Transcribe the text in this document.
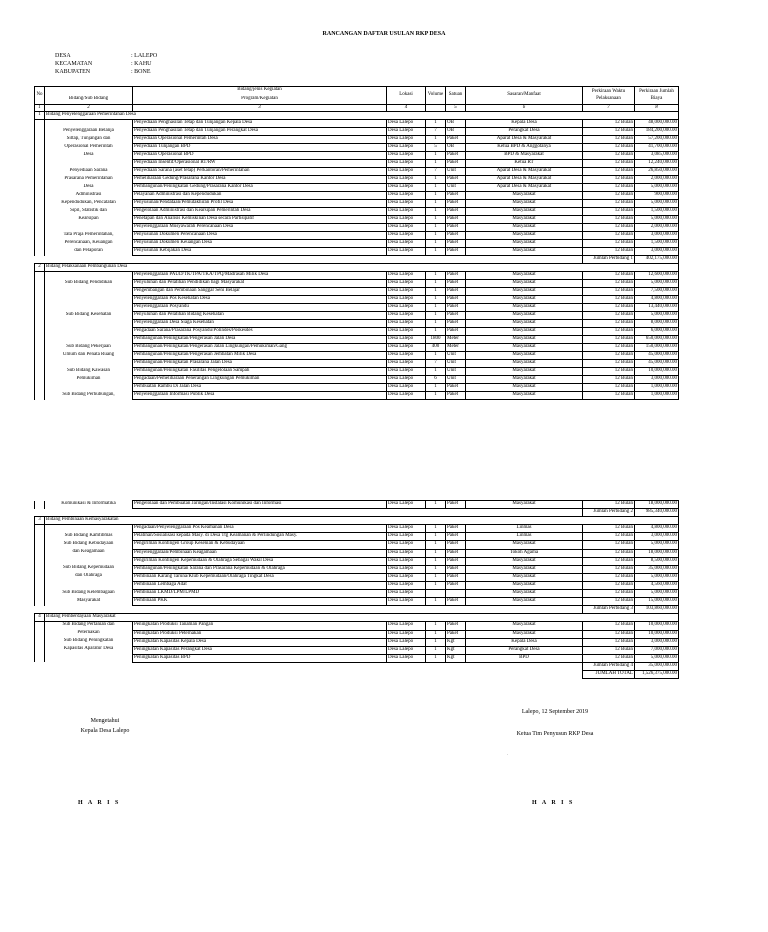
RANCANGAN DAFTAR USULAN RKP DESA
DESA	: LALEPO
KECAMATAN	: KAHU
KABUPATEN	: BONE
No		Bidang/jenis Kegiatan	Lokasi	Volume	Satuan	Sasaran/Manfaat	Perkiraan Waktu Pelaksanaan	Perkiraan Jumlah Biaya
	Bidang/Sub Bidang	Program/Kegiatan						
1	2	3	4		5	6	7	8
1	Bidang Penyelenggaraan Pemerintahan Desa							
		Penyediaan Penghasilan Tetap dan Tunjangan Kepala Desa	Desa Lalepo	1	OB	Kepala Desa	12 Bulan	48,000,000.00
	Penyelenggaraan Belanja	Penyediaan Penghasilan Tetap dan Tunjangan Perangkat Desa	Desa Lalepo	7	OB	Perangkat Desa	12 Bulan	184,200,000.00
	Siltap, Tunjangan dan	Penyediaan Operasional Pemerintah Desa	Desa Lalepo	1	Paket	Aparat Desa & Masyarakat	12 Bulan	57,200,000.00
	Operasional Pemerintah	Penyediaan Tunjangan BPD	Desa Lalepo	5	OB	Ketua BPD & Anggotanya	12 Bulan	41,700,000.00
	Desa	Penyediaan Operasional BPD	Desa Lalepo	1	Paket	BPD & Masyarakat	12 Bulan	3,085,000.00
		Penyediaan Insentif/Operasional RT/RW	Desa Lalepo	1	Paket	Ketua RT	12 Bulan	12,240,000.00
	Penyediaan Sarana	Penyediaan Sarana (aset tetap) Perkantoran/Pemerintahan	Desa Lalepo	7	Unit	Aparat Desa & Masyarakat	12 Bulan	26,850,000.00
	Prasarana Pemerintahan	Pemeliharaan Gedung/Prasarana Kantor Desa	Desa Lalepo	1	Paket	Aparat Desa & Masyarakat	12 Bulan	2,000,000.00
	Desa	Pembangunan/Peningkatan Gedung/Prasarana Kantor Desa	Desa Lalepo	1	Unit	Aparat Desa & Masyarakat	12 Bulan	5,000,000.00
	Administrasi	Pelayanan Administrasi dan Kependudukan	Desa Lalepo	1	Paket	Masyarakat	12 Bulan	900,000.00
	Kependudukan, Pencatatan	Penyusunan/Pendataan/Pemutakhiran Profil Desa	Desa Lalepo	1	Paket	Masyarakat	12 Bulan	5,000,000.00
	Sipil, Statistik dan	Pengelolaan Administrasi dan Kearsipan Pemerintah Desa	Desa Lalepo	1	Paket	Masyarakat	12 Bulan	1,500,000.00
	Kearsipan	Penetapan dan Analisis Kemiskinan Desa secara Partisipatif	Desa Lalepo	1	Paket	Masyarakat	12 Bulan	5,000,000.00
		Penyelenggaraan Musyawarah Perencanaan Desa	Desa Lalepo	1	Paket	Masyarakat	12 Bulan	2,000,000.00
	Tata Praja Pemerintahan,	Penyusunan Dokumen Perencanaan Desa	Desa Lalepo	1	Paket	Masyarakat	12 Bulan	3,000,000.00
	Perencanaan, Keuangan	Penyusunan Dokumen Keuangan Desa	Desa Lalepo	1	Paket	Masyarakat	12 Bulan	1,500,000.00
	dan Pelaporan	Penyusunan Kebijakan Desa	Desa Lalepo	1	Paket	Masyarakat	12 Bulan	3,000,000.00
							Jumlah Perbidang 1	402,175,000.00
2	Bidang Pelaksanaan Pembangunan Desa							
		Penyelenggaraan PAUD/TK/TPA/TKA/TPQ/Madrasah Milik Desa	Desa Lalepo	1	Paket	Masyarakat	12 Bulan	12,600,000.00
	Sub Bidang Pendidikan	Penyuluhan dan Pelatihan Pendidikan bagi Masyarakat	Desa Lalepo	1	Paket	Masyarakat	12 Bulan	5,000,000.00
		Pengembangan dan Pembinaan Sanggar Seni Belajar	Desa Lalepo	1	Paket	Masyarakat	12 Bulan	7,500,000.00
		Penyelenggaraan Pos Kesehatan Desa	Desa Lalepo	1	Paket	Masyarakat	12 Bulan	4,800,000.00
		Penyelenggaraan Posyandu	Desa Lalepo	1	Paket	Masyarakat	12 Bulan	13,440,000.00
	Sub Bidang Kesehatan	Penyuluhan dan Pelatihan Bidang Kesehatan	Desa Lalepo	1	Paket	Masyarakat	12 Bulan	5,000,000.00
		Penyelenggaraan Desa Siaga Kesehatan	Desa Lalepo	1	Paket	Masyarakat	12 Bulan	8,000,000.00
		Pengadaan Sarana/Prasarana Posyandu/Polindes/Poskesdes	Desa Lalepo	1	Paket	Masyarakat	12 Bulan	6,000,000.00
		Pembangunan/Peningkatan/Pengerasan Jalan Desa	Desa Lalepo	1800	Meter	Masyarakat	12 Bulan	650,000,000.00
	Sub Bidang Pekerjaan	Pembangunan/Peningkatan/Pengerasan Jalan Lingkungan/Pemukiman/Gang	Desa Lalepo	400	Meter	Masyarakat	12 Bulan	150,000,000.00
	Umum dan Penata Ruang	Pembangunan/Peningkatan/Pengerasan Jembatan Milik Desa	Desa Lalepo	1	Unit	Masyarakat	12 Bulan	45,000,000.00
		Pembangunan/Peningkatan Prasarana Jalan Desa	Desa Lalepo	7	Unit	Masyarakat	12 Bulan	45,000,000.00
	Sub Bidang Kawasan	Pembangunan/Peningkatan Fasilitas Pengelolaan Sampah	Desa Lalepo	1	Unit	Masyarakat	12 Bulan	10,000,000.00
	Pemukiman	Pengadaan/Pemeliharaan Penerangan Lingkungan Pemukiman	Desa Lalepo	6	Unit	Masyarakat	12 Bulan	3,000,000.00
		Pembuatan Rambu Di Jalan Desa	Desa Lalepo	1	Paket	Masyarakat	12 Bulan	1,000,000.00
	Sub Bidang Perhubungan,	Penyelenggaraan Informasi Publik Desa	Desa Lalepo	1	Paket	Masyarakat	12 Bulan	1,000,000.00
	Komunikasi & Informatika	Pengelolaan dan Pembuatan Jaringan/Instalasi Komunikasi dan Informasi	Desa Lalepo	1	Paket	Masyarakat	12 Bulan	18,000,000.00
							Jumlah Perbidang 2	985,340,000.00
3	Bidang Pembinaan Kemasyarakatan							
		Pengadaan/Penyelenggaraan Pos Keamanan Desa	Desa Lalepo	1	Paket	Linmas	12 Bulan	4,800,000.00
	Sub Bidang Kamtibmas	Pelatihan/Sosialisasi kepada Masy. di Desa Ttg Keamanan & Perlindungan Masy.	Desa Lalepo	1	Paket	Linmas	12 Bulan	3,000,000.00
	Sub Bidang Kebudayaan	Pengiriman Kontingen Group Kesenian & Kebudayaan	Desa Lalepo	1	Paket	Masyarakat	12 Bulan	5,000,000.00
	dan Keagamaan	Penyelenggaraan/Pembinaan Keagamaan	Desa Lalepo	1	Paket	Tokoh Agama	12 Bulan	18,000,000.00
		Pengiriman Kontingen Kepemudaan & Olahraga Sebagai Wakil Desa	Desa Lalepo	1	Paket	Masyarakat	12 Bulan	8,500,000.00
	Sub Bidang Kepemudaan	Pembangunan/Peningkatan Sarana dan Prasarana Kepemudaan & Olahraga	Desa Lalepo	1	Paket	Masyarakat	12 Bulan	35,000,000.00
	dan Olahraga	Pembinaan Karang Taruna/Klub Kepemudaan/Olahraga Tingkat Desa	Desa Lalepo	1	Paket	Masyarakat	12 Bulan	5,000,000.00
		Pembinaan Lembaga Adat	Desa Lalepo	1	Paket	Masyarakat	12 Bulan	4,560,000.00
	Sub Bidang Kelembagaan	Pembinaan LKMD/LPM/LPMD	Desa Lalepo			Masyarakat	12 Bulan	5,000,000.00
	Masyarakat	Pembinaan PKK	Desa Lalepo	1	Paket	Masyarakat	12 Bulan	15,000,000.00
							Jumlah Perbidang 3	103,860,000.00
4	Bidang Pemberdayaan Masyarakat							
	Sub Bidang Pertanian dan	Peningkatan Produksi Tanaman Pangan	Desa Lalepo	1	Paket	Masyarakat	12 Bulan	10,000,000.00
	Peternakan	Peningkatan Produksi Peternakan	Desa Lalepo	1	Paket	Masyarakat	12 Bulan	10,000,000.00
	Sub Bidang Peningkatan	Peningkatan Kapasitas Kepala Desa	Desa Lalepo	1	Kgt	Kepala Desa	12 Bulan	3,000,000.00
	Kapasitas Aparatur Desa	Peningkatan Kapasitas Perangkat Desa	Desa Lalepo	1	Kgt	Perangkat Desa	12 Bulan	7,000,000.00
		Peningkatan Kapasitas BPD	Desa Lalepo	1	Kgt	BPD	12 Bulan	5,000,000.00
							Jumlah Perbidang 4	35,000,000.00
							JUMLAH TOTAL	1,526,375,000.00
Mengetahui
Kepala Desa Lalepo
Lalepo, 12 September 2019
Ketua Tim Penyusun RKP Desa
.
H A R I S	H A R I S
